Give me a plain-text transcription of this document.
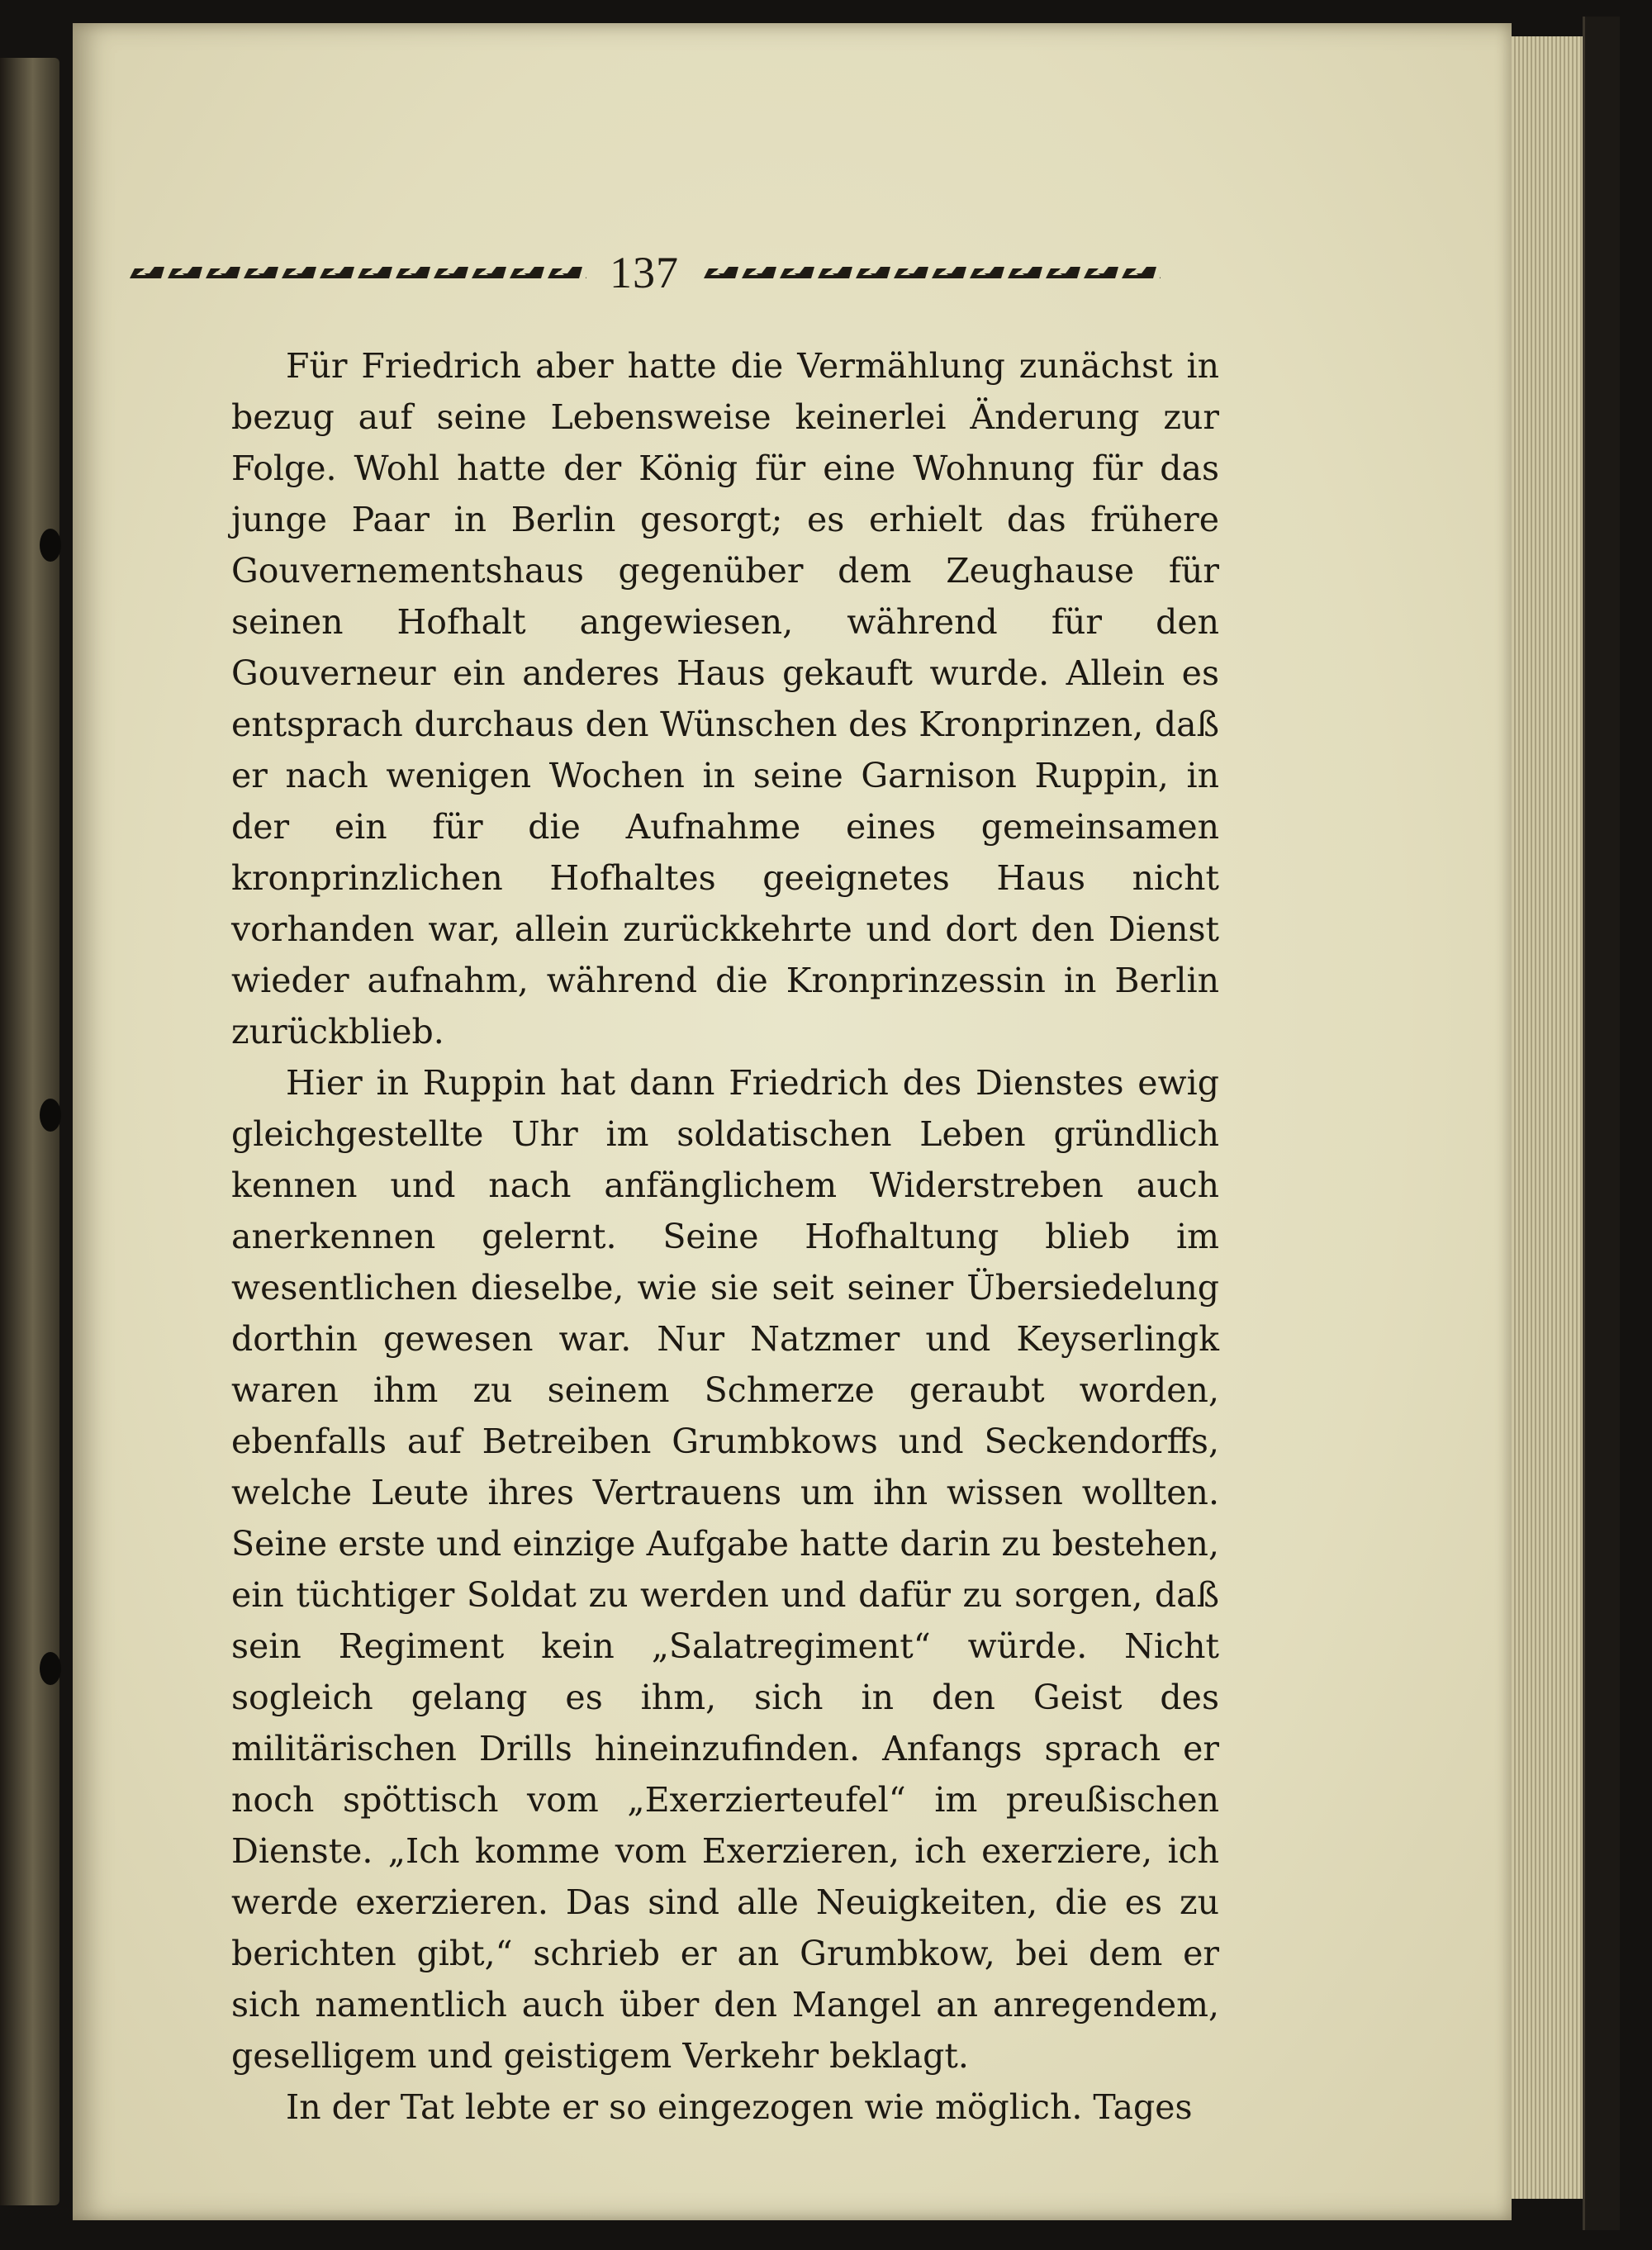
137

Für Friedrich aber hatte die Vermählung zunächst in bezug auf seine Lebensweise keinerlei Änderung zur Folge. Wohl hatte der König für eine Wohnung für das junge Paar in Berlin gesorgt; es erhielt das frühere Gouvernementshaus gegenüber dem Zeughause für seinen Hofhalt angewiesen, während für den Gouverneur ein anderes Haus gekauft wurde. Allein es entsprach durchaus den Wünschen des Kronprinzen, daß er nach wenigen Wochen in seine Garnison Ruppin, in der ein für die Aufnahme eines gemeinsamen kronprinzlichen Hofhaltes geeignetes Haus nicht vorhanden war, allein zurückkehrte und dort den Dienst wieder aufnahm, während die Kronprinzessin in Berlin zurückblieb.

Hier in Ruppin hat dann Friedrich des Dienstes ewig gleichgestellte Uhr im soldatischen Leben gründlich kennen und nach anfänglichem Widerstreben auch anerkennen gelernt. Seine Hofhaltung blieb im wesentlichen dieselbe, wie sie seit seiner Übersiedelung dorthin gewesen war. Nur Natzmer und Keyserlingk waren ihm zu seinem Schmerze geraubt worden, ebenfalls auf Betreiben Grumbkows und Seckendorffs, welche Leute ihres Vertrauens um ihn wissen wollten. Seine erste und einzige Aufgabe hatte darin zu bestehen, ein tüchtiger Soldat zu werden und dafür zu sorgen, daß sein Regiment kein „Salatregiment“ würde. Nicht sogleich gelang es ihm, sich in den Geist des militärischen Drills hineinzufinden. Anfangs sprach er noch spöttisch vom „Exerzierteufel“ im preußischen Dienste. „Ich komme vom Exerzieren, ich exerziere, ich werde exerzieren. Das sind alle Neuigkeiten, die es zu berichten gibt,“ schrieb er an Grumbkow, bei dem er sich namentlich auch über den Mangel an anregendem, geselligem und geistigem Verkehr beklagt.

In der Tat lebte er so eingezogen wie möglich. Tages
